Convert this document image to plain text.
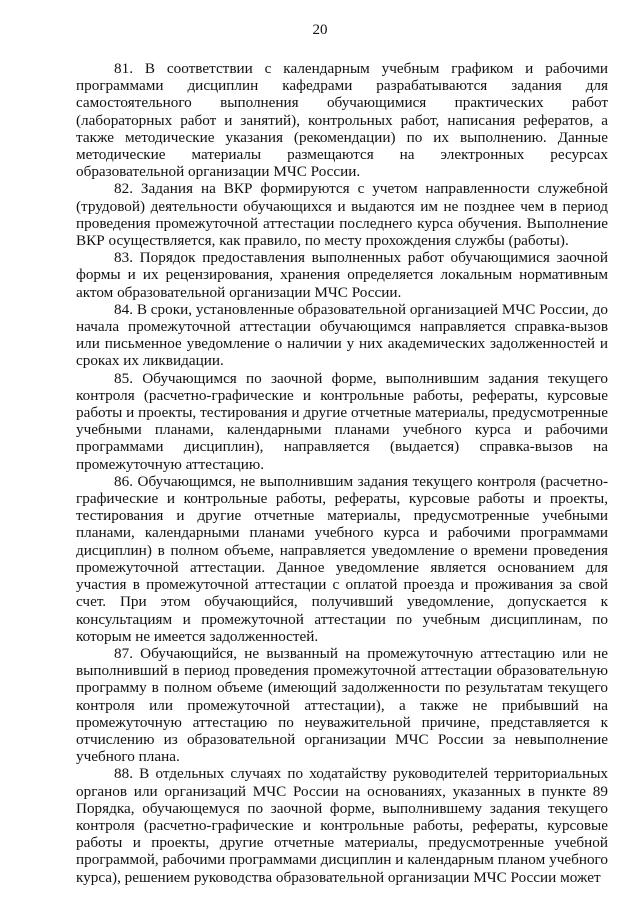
20

81. В соответствии с календарным учебным графиком и рабочими программами дисциплин кафедрами разрабатываются задания для самостоятельного выполнения обучающимися практических работ (лабораторных работ и занятий), контрольных работ, написания рефератов, а также методические указания (рекомендации) по их выполнению. Данные методические материалы размещаются на электронных ресурсах образовательной организации МЧС России.

82. Задания на ВКР формируются с учетом направленности служебной (трудовой) деятельности обучающихся и выдаются им не позднее чем в период проведения промежуточной аттестации последнего курса обучения. Выполнение ВКР осуществляется, как правило, по месту прохождения службы (работы).

83. Порядок предоставления выполненных работ обучающимися заочной формы и их рецензирования, хранения определяется локальным нормативным актом образовательной организации МЧС России.

84. В сроки, установленные образовательной организацией МЧС России, до начала промежуточной аттестации обучающимся направляется справка-вызов или письменное уведомление о наличии у них академических задолженностей и сроках их ликвидации.

85. Обучающимся по заочной форме, выполнившим задания текущего контроля (расчетно-графические и контрольные работы, рефераты, курсовые работы и проекты, тестирования и другие отчетные материалы, предусмотренные учебными планами, календарными планами учебного курса и рабочими программами дисциплин), направляется (выдается) справка-вызов на промежуточную аттестацию.

86. Обучающимся, не выполнившим задания текущего контроля (расчетно-графические и контрольные работы, рефераты, курсовые работы и проекты, тестирования и другие отчетные материалы, предусмотренные учебными планами, календарными планами учебного курса и рабочими программами дисциплин) в полном объеме, направляется уведомление о времени проведения промежуточной аттестации. Данное уведомление является основанием для участия в промежуточной аттестации с оплатой проезда и проживания за свой счет. При этом обучающийся, получивший уведомление, допускается к консультациям и промежуточной аттестации по учебным дисциплинам, по которым не имеется задолженностей.

87. Обучающийся, не вызванный на промежуточную аттестацию или не выполнивший в период проведения промежуточной аттестации образовательную программу в полном объеме (имеющий задолженности по результатам текущего контроля или промежуточной аттестации), а также не прибывший на промежуточную аттестацию по неуважительной причине, представляется к отчислению из образовательной организации МЧС России за невыполнение учебного плана.

88. В отдельных случаях по ходатайству руководителей территориальных органов или организаций МЧС России на основаниях, указанных в пункте 89 Порядка, обучающемуся по заочной форме, выполнившему задания текущего контроля (расчетно-графические и контрольные работы, рефераты, курсовые работы и проекты, другие отчетные материалы, предусмотренные учебной программой, рабочими программами дисциплин и календарным планом учебного курса), решением руководства образовательной организации МЧС России может
